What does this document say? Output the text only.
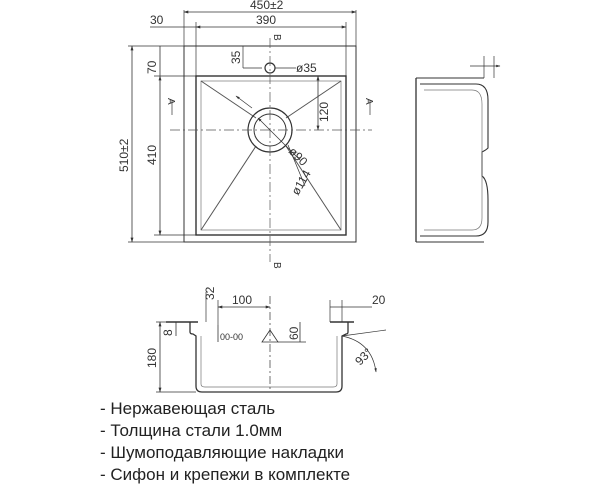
450±2
390
30
510±2 410
70
35
ø35
120
ø90
ø114
A	A
B
B
100
32	20
180
8	60
93°
00-00
- Нержавеющая сталь
- Толщина стали 1.0мм
- Шумоподавляющие накладки
- Сифон и крепежи в комплекте
